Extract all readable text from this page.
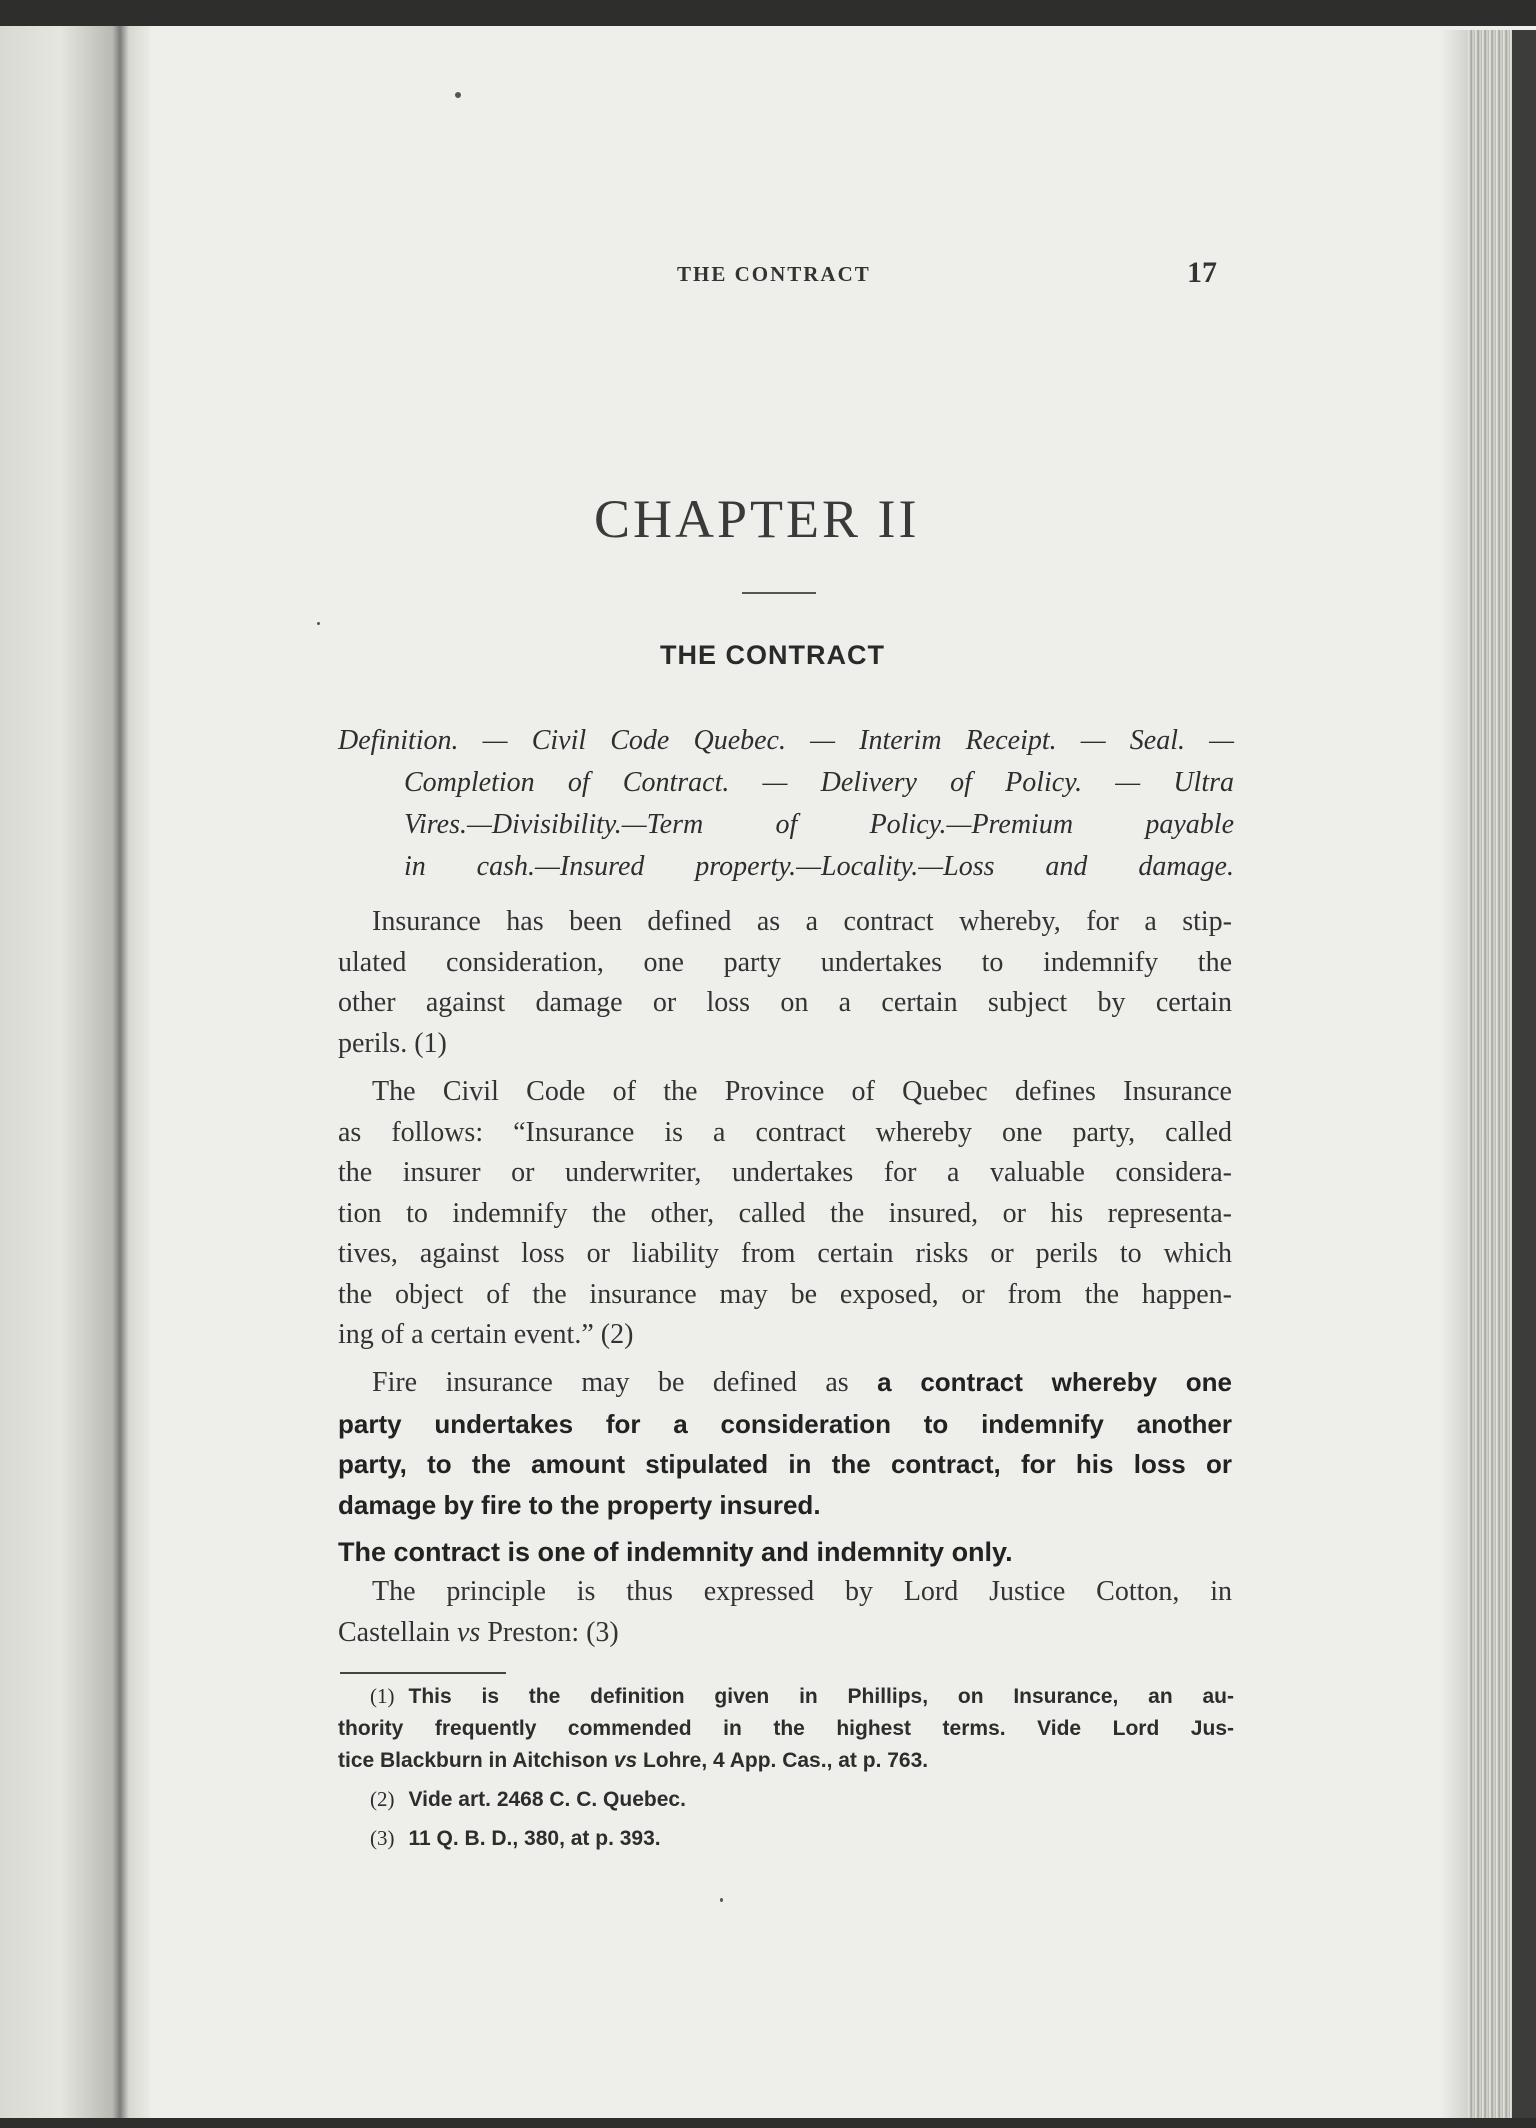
THE CONTRACT	17
CHAPTER II
THE CONTRACT
Definition. — Civil Code Quebec. — Interim Receipt. — Seal. —
Completion of Contract. — Delivery of Policy. — Ultra
Vires.—Divisibility.—Term of Policy.—Premium payable
in cash.—Insured property.—Locality.—Loss and damage.
Insurance has been defined as a contract whereby, for a stip-
ulated consideration, one party undertakes to indemnify the
other against damage or loss on a certain subject by certain
perils. (1)
The Civil Code of the Province of Quebec defines Insurance
as follows: “Insurance is a contract whereby one party, called
the insurer or underwriter, undertakes for a valuable considera-
tion to indemnify the other, called the insured, or his representa-
tives, against loss or liability from certain risks or perils to which
the object of the insurance may be exposed, or from the happen-
ing of a certain event.” (2)
Fire insurance may be defined as a contract whereby one
party undertakes for a consideration to indemnify another
party, to the amount stipulated in the contract, for his loss or
damage by fire to the property insured.
The contract is one of indemnity and indemnity only.
The principle is thus expressed by Lord Justice Cotton, in
Castellain vs Preston: (3)
(1) This is the definition given in Phillips, on Insurance, an au-
thority frequently commended in the highest terms. Vide Lord Jus-
tice Blackburn in Aitchison vs Lohre, 4 App. Cas., at p. 763.
(2) Vide art. 2468 C. C. Quebec.
(3) 11 Q. B. D., 380, at p. 393.
